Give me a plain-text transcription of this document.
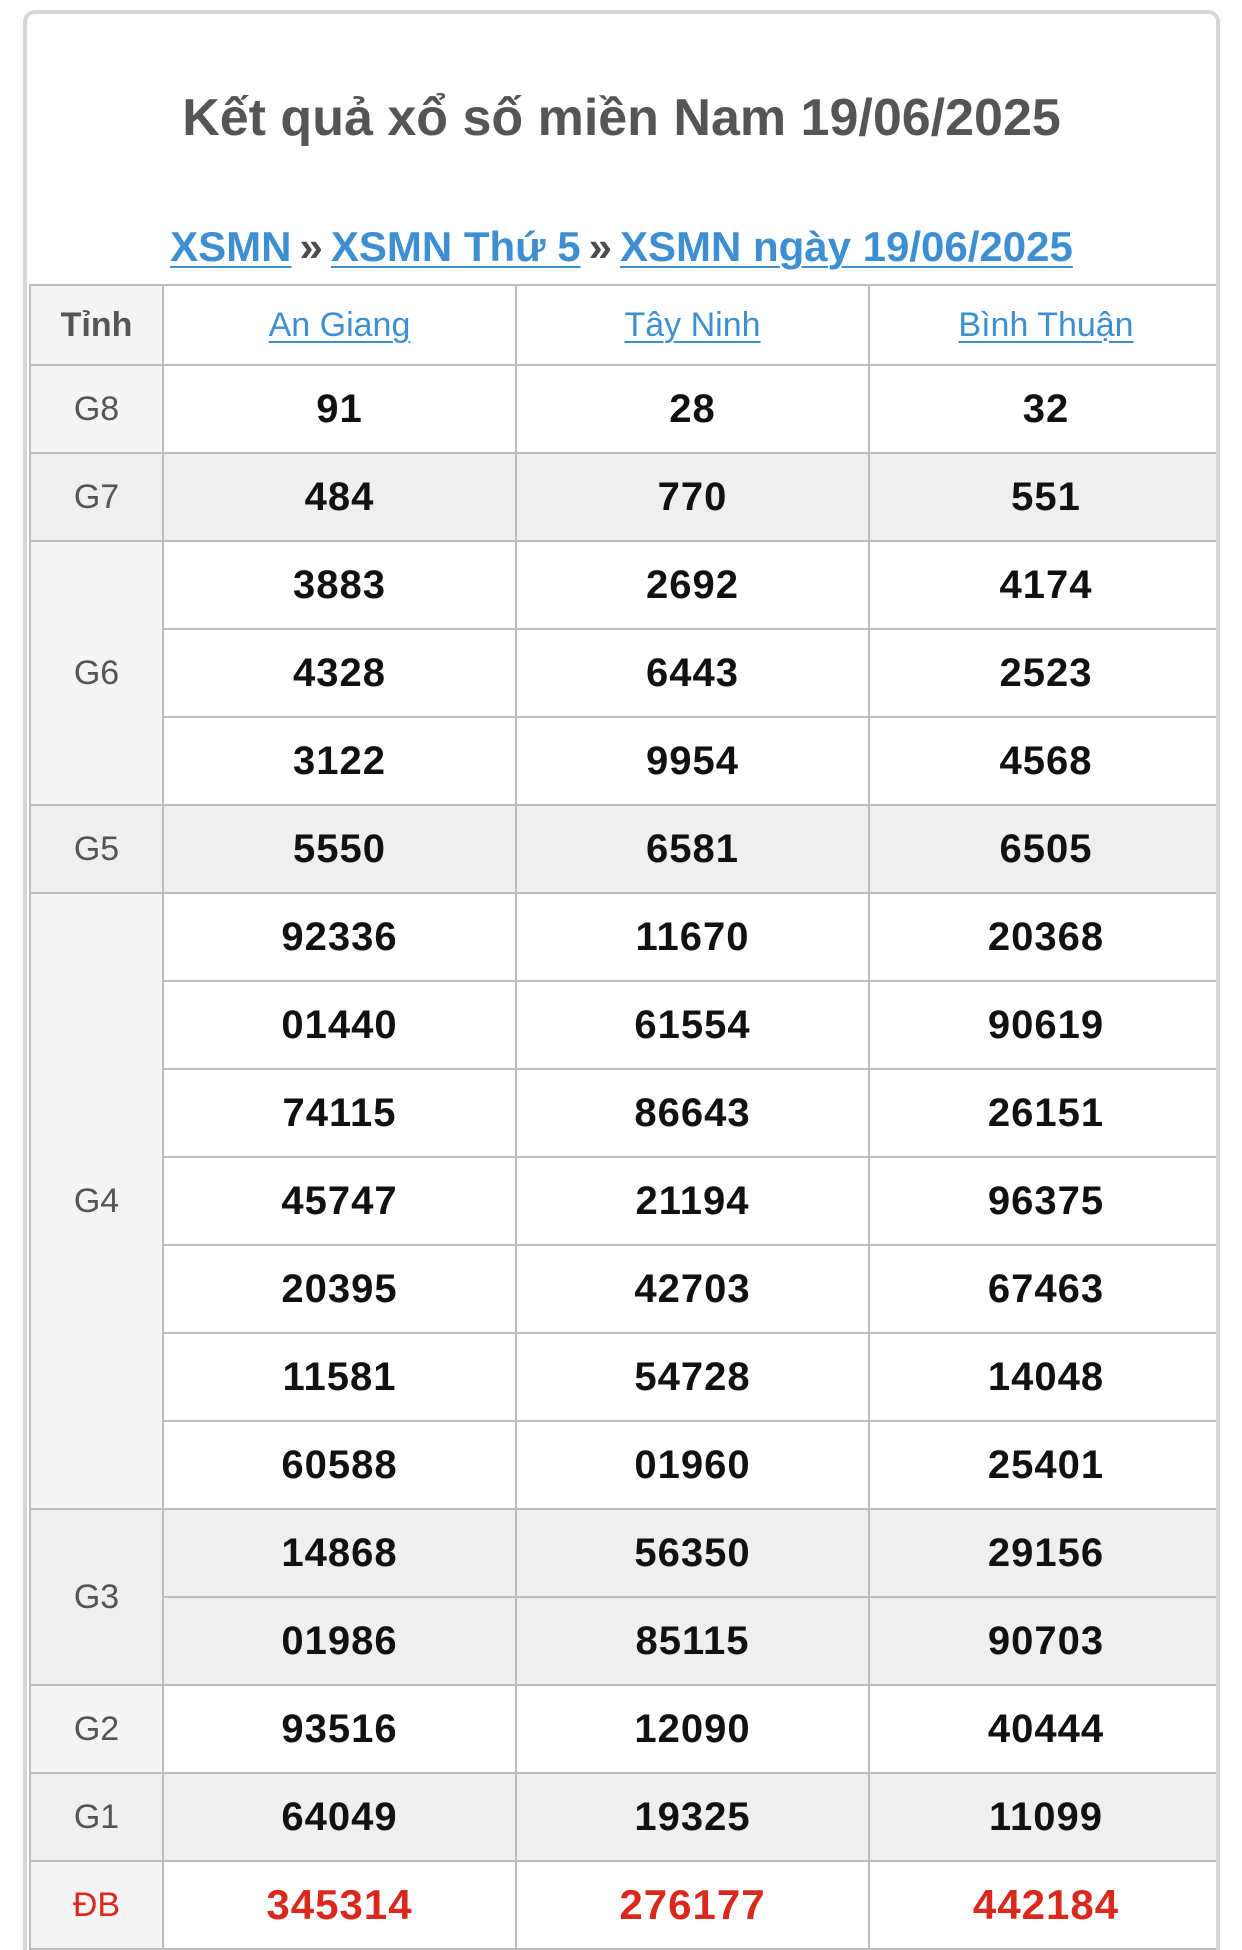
Kết quả xổ số miền Nam 19/06/2025
XSMN » XSMN Thứ 5 » XSMN ngày 19/06/2025
Tỉnh	An Giang	Tây Ninh	Bình Thuận
G8	91	28	32
G7	484	770	551
G6	3883	2692	4174
	4328	6443	2523
	3122	9954	4568
G5	5550	6581	6505
G4	92336	11670	20368
	01440	61554	90619
	74115	86643	26151
	45747	21194	96375
	20395	42703	67463
	11581	54728	14048
	60588	01960	25401
G3	14868	56350	29156
	01986	85115	90703
G2	93516	12090	40444
G1	64049	19325	11099
ĐB	345314	276177	442184
